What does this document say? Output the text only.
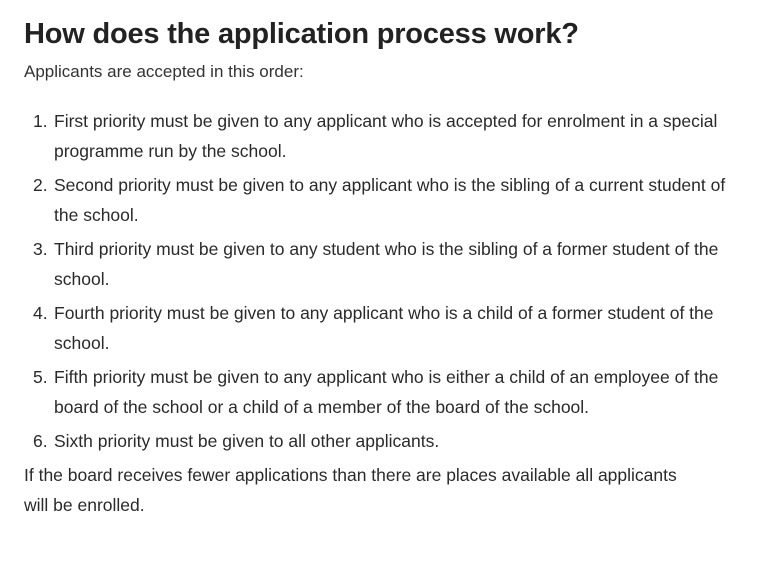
How does the application process work?

Applicants are accepted in this order:

1. First priority must be given to any applicant who is accepted for enrolment in a special programme run by the school.
2. Second priority must be given to any applicant who is the sibling of a current student of the school.
3. Third priority must be given to any student who is the sibling of a former student of the school.
4. Fourth priority must be given to any applicant who is a child of a former student of the school.
5. Fifth priority must be given to any applicant who is either a child of an employee of the board of the school or a child of a member of the board of the school.
6. Sixth priority must be given to all other applicants.

If the board receives fewer applications than there are places available all applicants will be enrolled.
